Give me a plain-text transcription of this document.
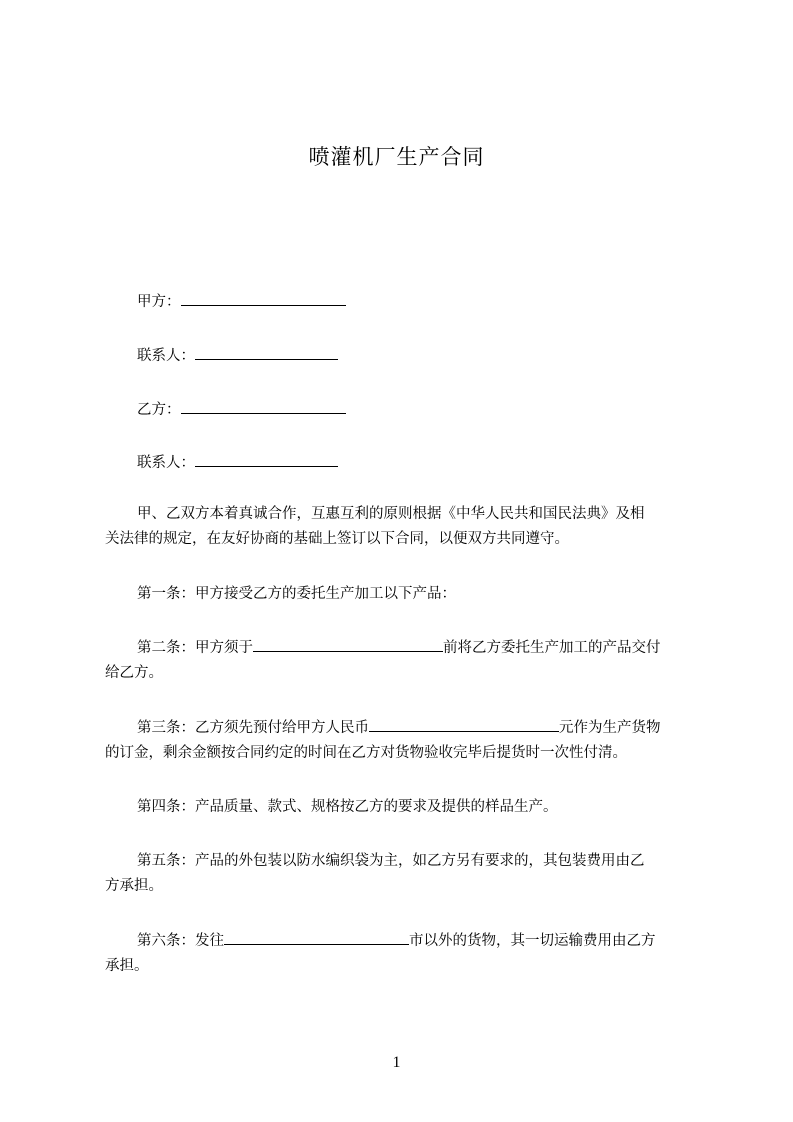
喷灌机厂生产合同
甲方：
联系人：
乙方：
联系人：
甲、乙双方本着真诚合作，互惠互利的原则根据《中华人民共和国民法典》及相
关法律的规定，在友好协商的基础上签订以下合同，以便双方共同遵守。
第一条：甲方接受乙方的委托生产加工以下产品：
第二条：甲方须于	前将乙方委托生产加工的产品交付
给乙方。
第三条：乙方须先预付给甲方人民币	元作为生产货物
的订金，剩余金额按合同约定的时间在乙方对货物验收完毕后提货时一次性付清。
第四条：产品质量、款式、规格按乙方的要求及提供的样品生产。
第五条：产品的外包装以防水编织袋为主，如乙方另有要求的，其包装费用由乙
方承担。
第六条：发往	市以外的货物，其一切运输费用由乙方
承担。
1
